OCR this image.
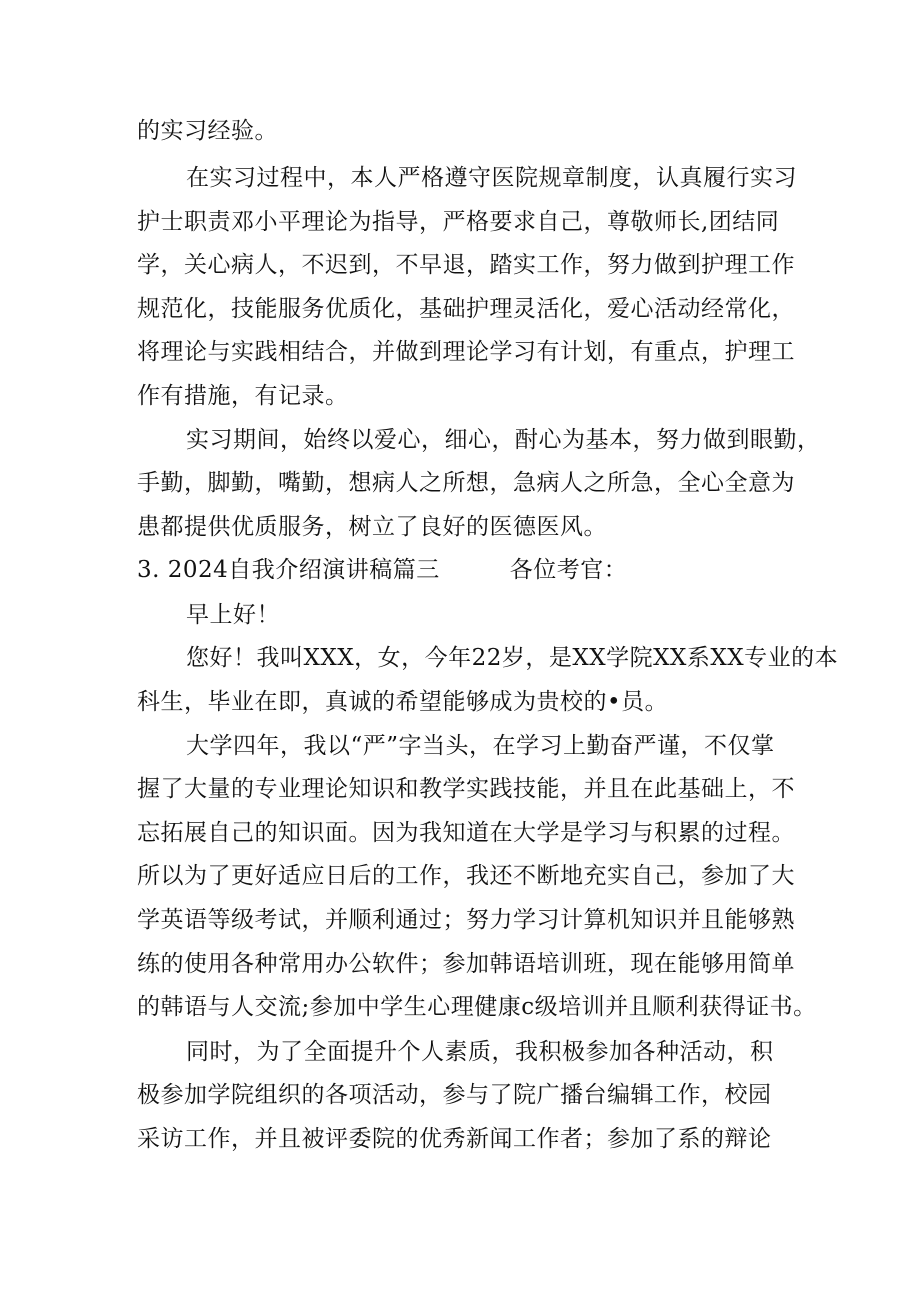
的实习经验。
在实习过程中，本人严格遵守医院规章制度，认真履行实习
护士职责邓小平理论为指导，严格要求自己，尊敬师长,团结同
学，关心病人，不迟到，不早退，踏实工作，努力做到护理工作
规范化，技能服务优质化，基础护理灵活化，爱心活动经常化，
将理论与实践相结合，并做到理论学习有计划，有重点，护理工
作有措施，有记录。
实习期间，始终以爱心，细心，酎心为基本，努力做到眼勤，
手勤，脚勤，嘴勤，想病人之所想，急病人之所急，全心全意为
患都提供优质服务，树立了良好的医德医风。
3. 2024自我介绍演讲稿篇三	各位考官：
早上好！
您好！我叫XXX，女，今年22岁，是XX学院XX系XX专业的本
科生，毕业在即，真诚的希望能够成为贵校的•员。
大学四年，我以“严”字当头，在学习上勤奋严谨，不仅掌
握了大量的专业理论知识和教学实践技能，并且在此基础上，不
忘拓展自己的知识面。因为我知道在大学是学习与积累的过程。
所以为了更好适应日后的工作，我还不断地充实自己，参加了大
学英语等级考试，并顺利通过；努力学习计算机知识并且能够熟
练的使用各种常用办公软件；参加韩语培训班，现在能够用简单
的韩语与人交流;参加中学生心理健康c级培训并且顺利获得证书。
同时，为了全面提升个人素质，我积极参加各种活动，积
极参加学院组织的各项活动，参与了院广播台编辑工作，校园
采访工作，并且被评委院的优秀新闻工作者；参加了系的辩论
